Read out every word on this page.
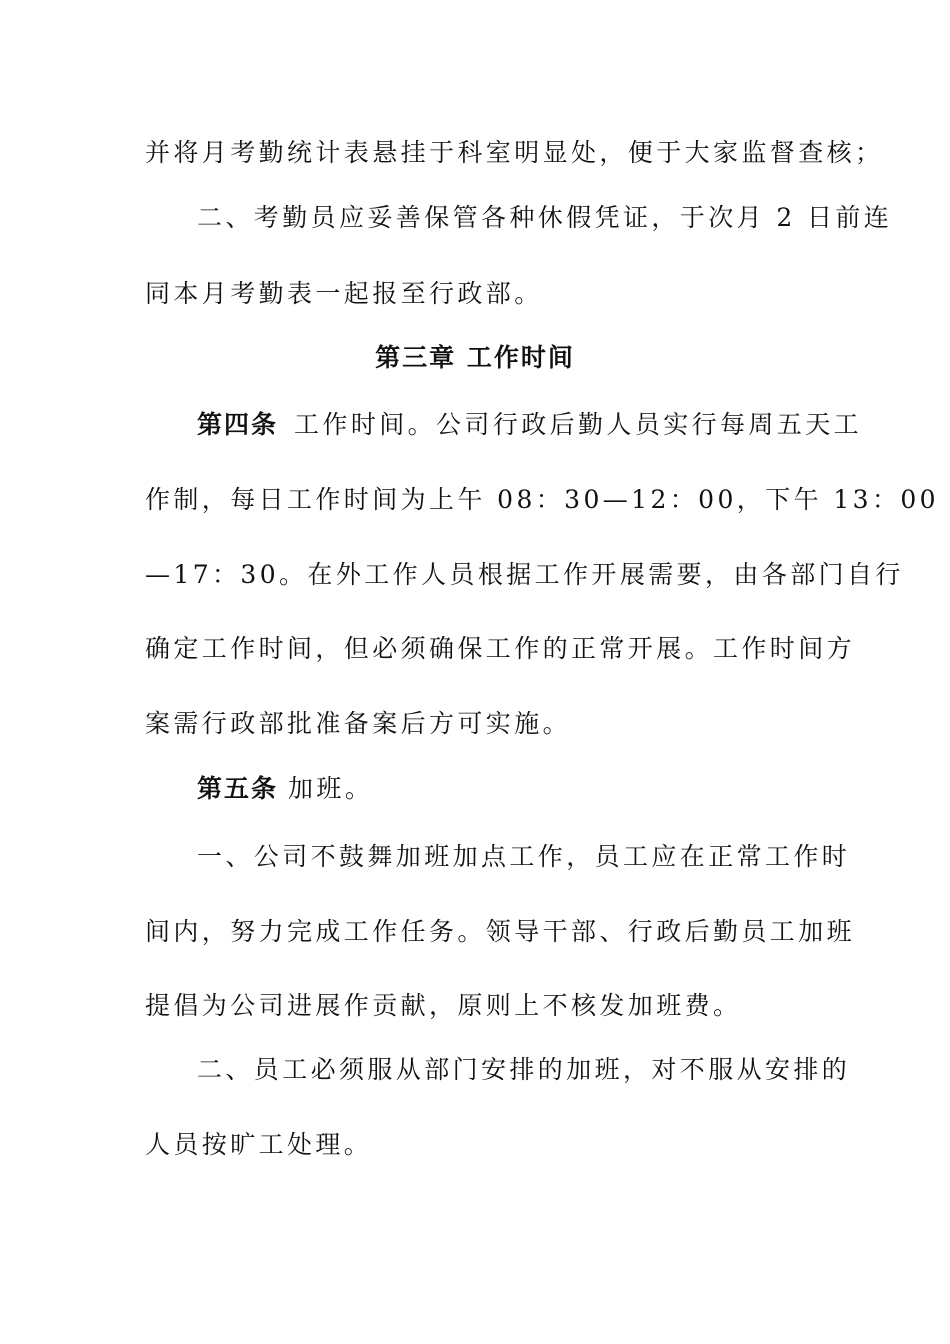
并将月考勤统计表悬挂于科室明显处，便于大家监督查核；
二、考勤员应妥善保管各种休假凭证，于次月 2 日前连
同本月考勤表一起报至行政部。
第三章 工作时间
第四条 工作时间。公司行政后勤人员实行每周五天工
作制，每日工作时间为上午 08：30—12：00，下午 13：00
—17：30。在外工作人员根据工作开展需要，由各部门自行
确定工作时间，但必须确保工作的正常开展。工作时间方
案需行政部批准备案后方可实施。
第五条 加班。
一、公司不鼓舞加班加点工作，员工应在正常工作时
间内，努力完成工作任务。领导干部、行政后勤员工加班
提倡为公司进展作贡献，原则上不核发加班费。
二、员工必须服从部门安排的加班，对不服从安排的
人员按旷工处理。
